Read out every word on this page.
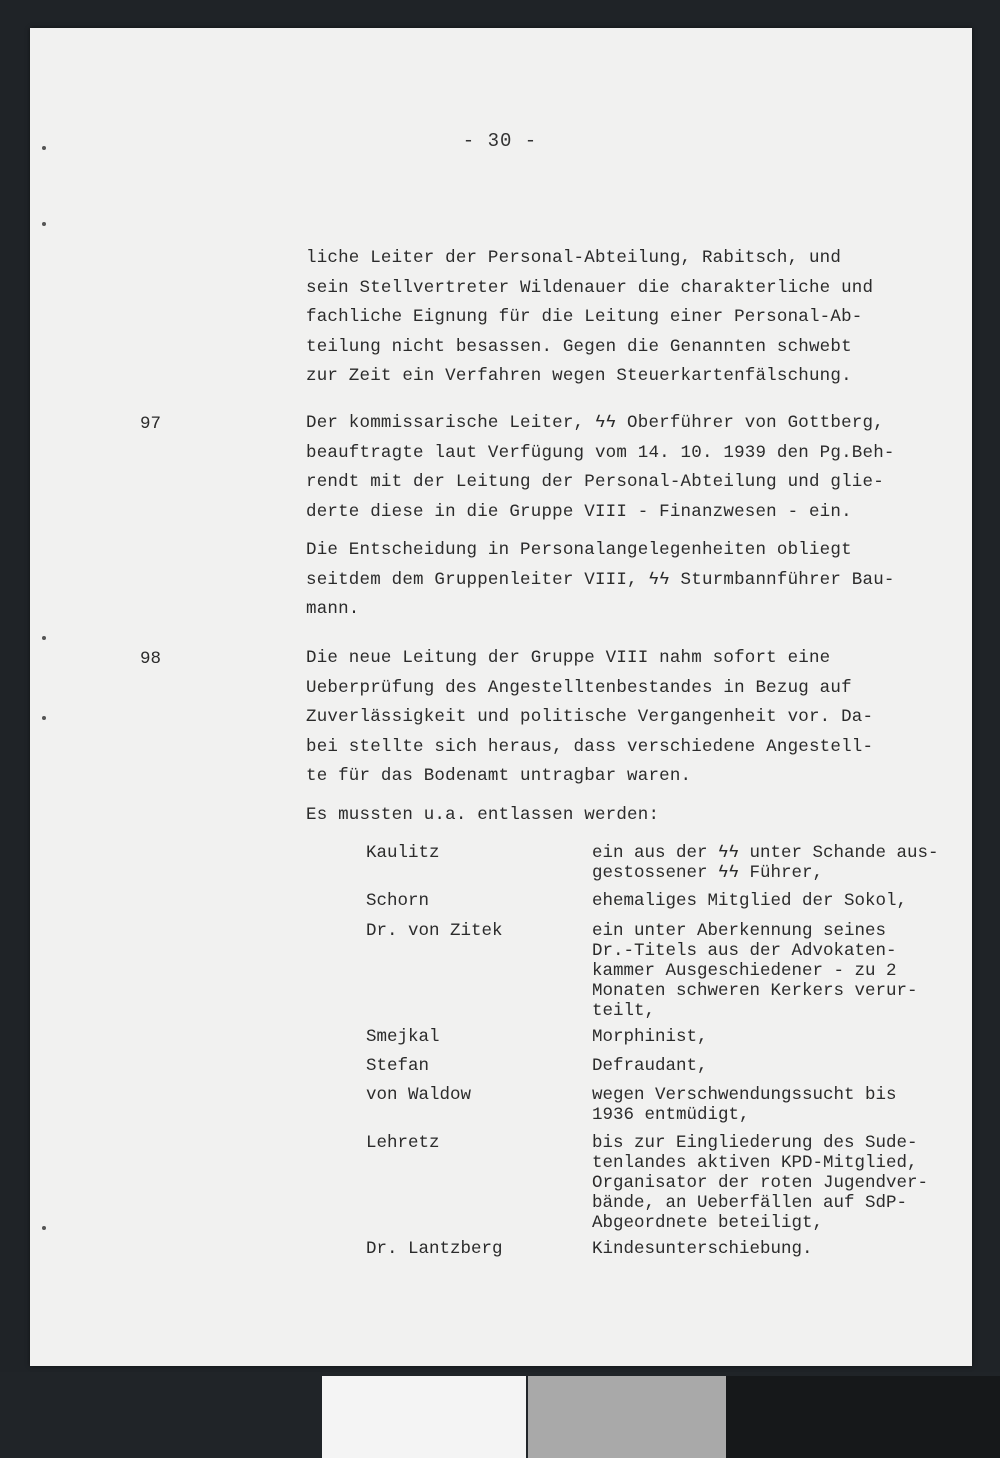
- 30 -
liche Leiter der Personal-Abteilung, Rabitsch, und
sein Stellvertreter Wildenauer die charakterliche und
fachliche Eignung für die Leitung einer Personal-Ab-
teilung nicht besassen. Gegen die Genannten schwebt
zur Zeit ein Verfahren wegen Steuerkartenfälschung.
97	Der kommissarische Leiter, ϟϟ Oberführer von Gottberg,
beauftragte laut Verfügung vom 14. 10. 1939 den Pg.Beh-
rendt mit der Leitung der Personal-Abteilung und glie-
derte diese in die Gruppe VIII - Finanzwesen - ein.
Die Entscheidung in Personalangelegenheiten obliegt
seitdem dem Gruppenleiter VIII, ϟϟ Sturmbannführer Bau-
mann.
98	Die neue Leitung der Gruppe VIII nahm sofort eine
Ueberprüfung des Angestelltenbestandes in Bezug auf
Zuverlässigkeit und politische Vergangenheit vor. Da-
bei stellte sich heraus, dass verschiedene Angestell-
te für das Bodenamt untragbar waren.
Es mussten u.a. entlassen werden:
Kaulitz	ein aus der ϟϟ unter Schande aus-
gestossener ϟϟ Führer,
Schorn	ehemaliges Mitglied der Sokol,
Dr. von Zitek	ein unter Aberkennung seines
Dr.-Titels aus der Advokaten-
kammer Ausgeschiedener - zu 2
Monaten schweren Kerkers verur-
teilt,
Smejkal	Morphinist,
Stefan	Defraudant,
von Waldow	wegen Verschwendungssucht bis
1936 entmüdigt,
Lehretz	bis zur Eingliederung des Sude-
tenlandes aktiven KPD-Mitglied,
Organisator der roten Jugendver-
bände, an Ueberfällen auf SdP-
Abgeordnete beteiligt,
Dr. Lantzberg	Kindesunterschiebung.
